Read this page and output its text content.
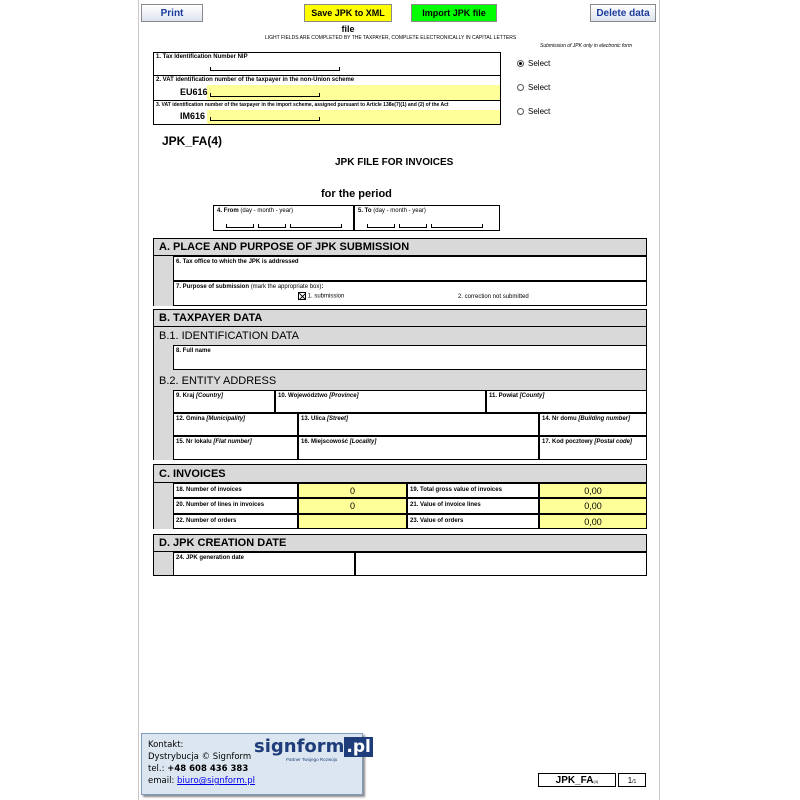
Print	Save JPK to XML file
Import JPK file	Delete data
LIGHT FIELDS ARE COMPLETED BY THE TAXPAYER, COMPLETE ELECTRONICALLY IN CAPITAL LETTERS
Submission of JPK only in electronic form
1. Tax Identification Number NIP
2. VAT identification number of the taxpayer in the non-Union scheme
EU616
3. VAT identification number of the taxpayer in the import scheme, assigned pursuant to Article 138e(7)(1) and (2) of the Act
IM616
Select
Select
Select
JPK_FA(4)
JPK FILE FOR INVOICES
for the period
4. From (day - month - year)	5. To (day - month - year)
A. PLACE AND PURPOSE OF JPK SUBMISSION
6. Tax office to which the JPK is addressed
7. Purpose of submission (mark the appropriate box):
1. submission	2. correction not submitted
B. TAXPAYER DATA
B.1. IDENTIFICATION DATA
8. Full name
B.2. ENTITY ADDRESS
9. Kraj [Country]	10. Województwo [Province]	11. Powiat [County]
12. Gmina [Municipality]	13. Ulica [Street]	14. Nr domu [Building number]
15. Nr lokalu [Flat number]	16. Miejscowość [Locality]	17. Kod pocztowy [Postal code]
C. INVOICES
18. Number of invoices	0	19. Total gross value of invoices	0,00
20. Number of lines in invoices	0	21. Value of invoice lines	0,00
22. Number of orders	23. Value of orders	0,00
D. JPK CREATION DATE
24. JPK generation date
Kontakt:
Dystrybucja © Signform
tel.: +48 608 436 383
email: biuro@signform.pl
signform .pl
Partner Twojego Rozwoju
JPK_FA(4)	1/1
